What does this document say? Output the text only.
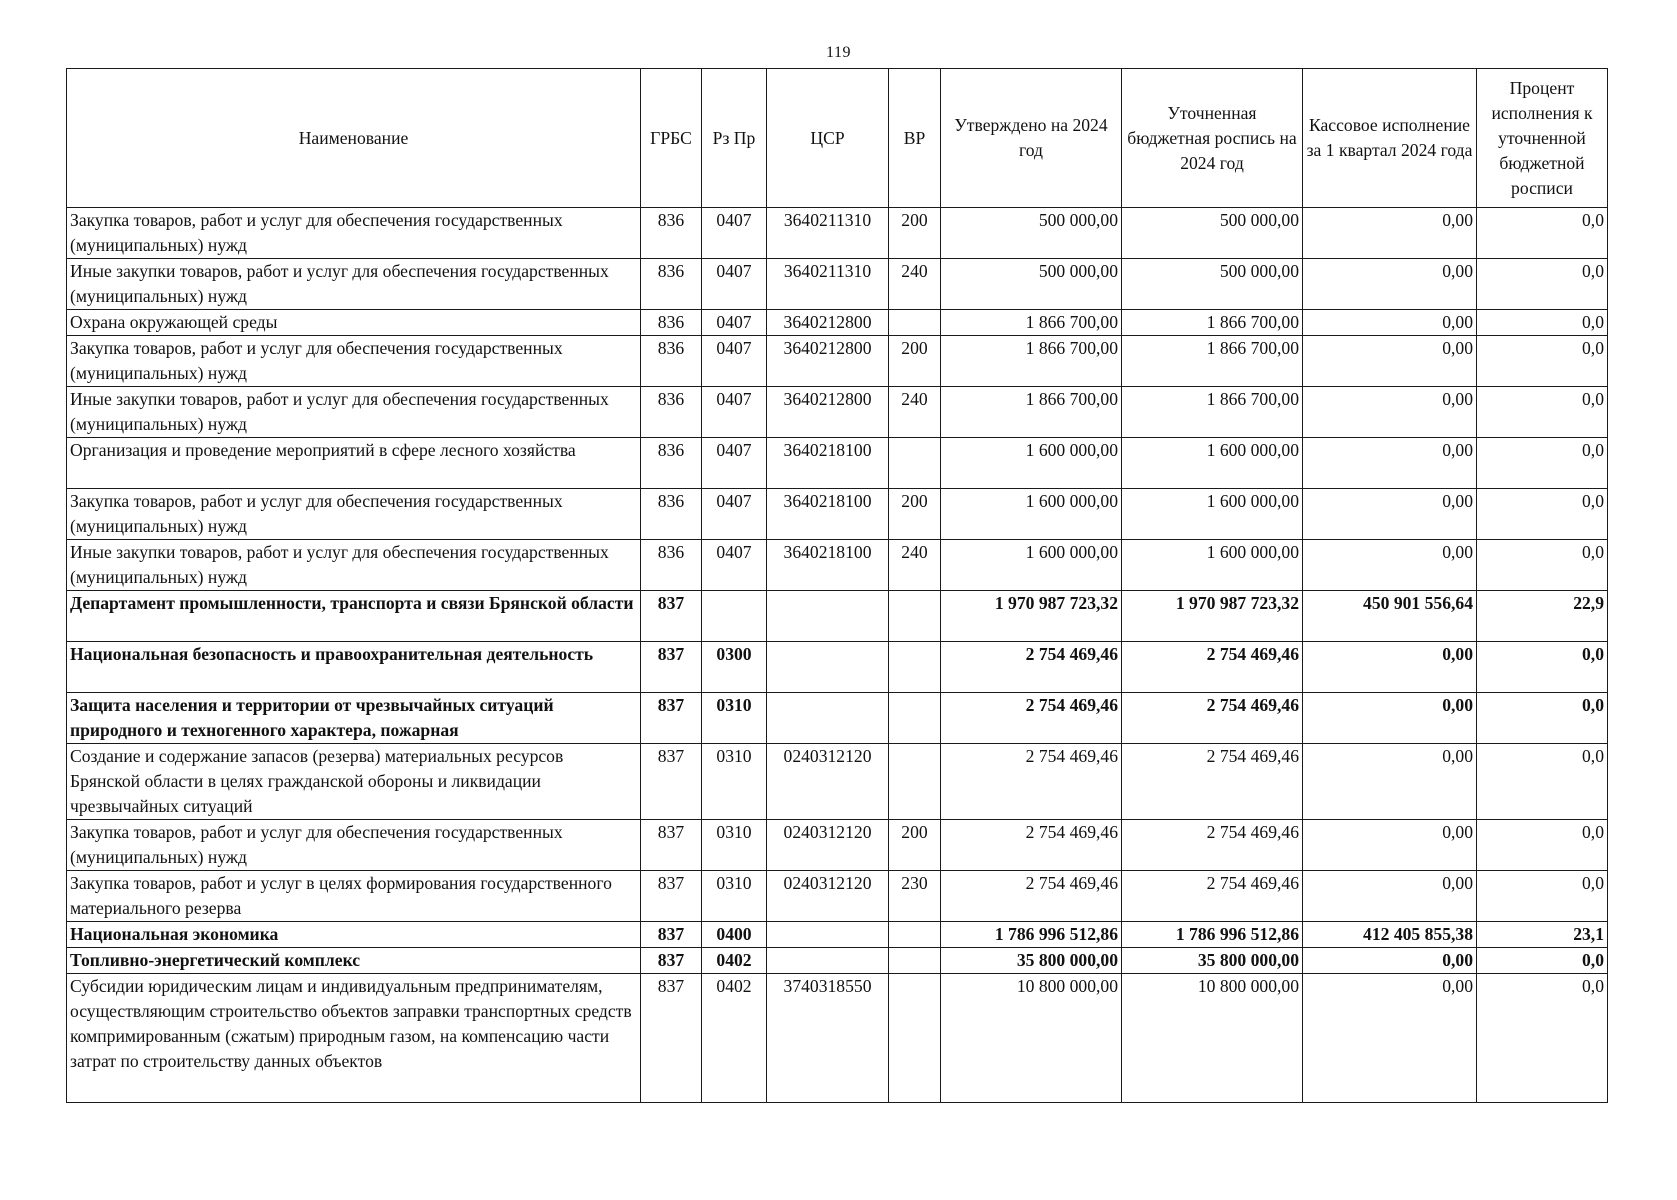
119
Наименование	ГРБС	Рз Пр	ЦСР	ВР	Утверждено на 2024 год	Уточненная бюджетная роспись на 2024 год	Кассовое исполнение за 1 квартал 2024 года	Процент исполнения к уточненной бюджетной росписи
Закупка товаров, работ и услуг для обеспечения государственных (муниципальных) нужд	836	0407	3640211310	200	500 000,00	500 000,00	0,00	0,0
Иные закупки товаров, работ и услуг для обеспечения государственных (муниципальных) нужд	836	0407	3640211310	240	500 000,00	500 000,00	0,00	0,0
Охрана окружающей среды	836	0407	3640212800		1 866 700,00	1 866 700,00	0,00	0,0
Закупка товаров, работ и услуг для обеспечения государственных (муниципальных) нужд	836	0407	3640212800	200	1 866 700,00	1 866 700,00	0,00	0,0
Иные закупки товаров, работ и услуг для обеспечения государственных (муниципальных) нужд	836	0407	3640212800	240	1 866 700,00	1 866 700,00	0,00	0,0
Организация и проведение мероприятий в сфере лесного хозяйства	836	0407	3640218100		1 600 000,00	1 600 000,00	0,00	0,0
Закупка товаров, работ и услуг для обеспечения государственных (муниципальных) нужд	836	0407	3640218100	200	1 600 000,00	1 600 000,00	0,00	0,0
Иные закупки товаров, работ и услуг для обеспечения государственных (муниципальных) нужд	836	0407	3640218100	240	1 600 000,00	1 600 000,00	0,00	0,0
Департамент промышленности, транспорта и связи Брянской области	837				1 970 987 723,32	1 970 987 723,32	450 901 556,64	22,9
Национальная безопасность и правоохранительная деятельность	837	0300			2 754 469,46	2 754 469,46	0,00	0,0
Защита населения и территории от чрезвычайных ситуаций природного и техногенного характера, пожарная	837	0310			2 754 469,46	2 754 469,46	0,00	0,0
Создание и содержание запасов (резерва) материальных ресурсов Брянской области в целях гражданской обороны и ликвидации чрезвычайных ситуаций	837	0310	0240312120		2 754 469,46	2 754 469,46	0,00	0,0
Закупка товаров, работ и услуг для обеспечения государственных (муниципальных) нужд	837	0310	0240312120	200	2 754 469,46	2 754 469,46	0,00	0,0
Закупка товаров, работ и услуг в целях формирования государственного материального резерва	837	0310	0240312120	230	2 754 469,46	2 754 469,46	0,00	0,0
Национальная экономика	837	0400			1 786 996 512,86	1 786 996 512,86	412 405 855,38	23,1
Топливно-энергетический комплекс	837	0402			35 800 000,00	35 800 000,00	0,00	0,0
Субсидии юридическим лицам и индивидуальным предпринимателям, осуществляющим строительство объектов заправки транспортных средств компримированным (сжатым) природным газом, на компенсацию части затрат по строительству данных объектов	837	0402	3740318550		10 800 000,00	10 800 000,00	0,00	0,0
